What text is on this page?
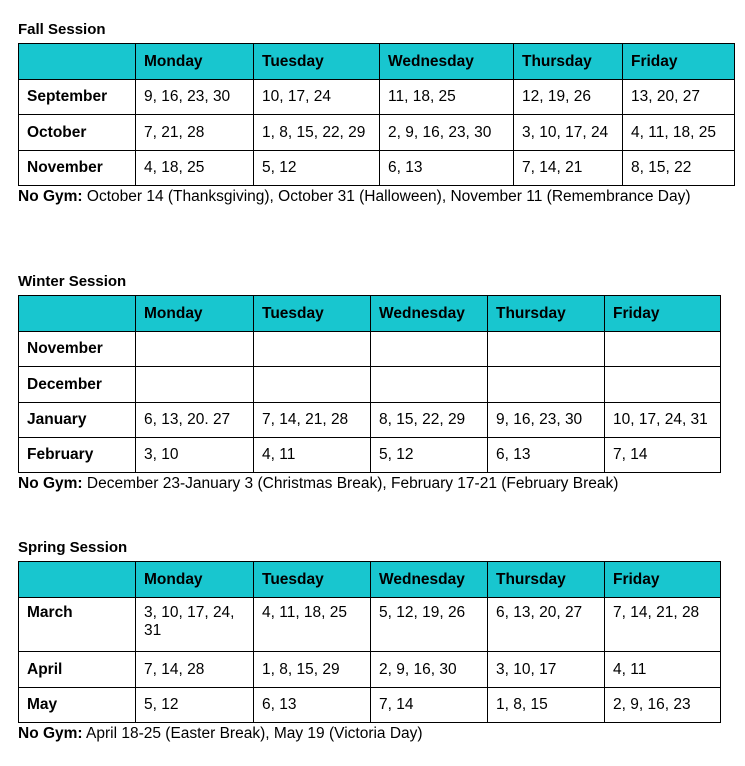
Fall Session
	Monday	Tuesday	Wednesday	Thursday	Friday
September	9, 16, 23, 30	10, 17, 24	11, 18, 25	12, 19, 26	13, 20, 27
October	7, 21, 28	1, 8, 15, 22, 29	2, 9, 16, 23, 30	3, 10, 17, 24	4, 11, 18, 25
November	4, 18, 25	5, 12	6, 13	7, 14, 21	8, 15, 22
No Gym: October 14 (Thanksgiving), October 31 (Halloween), November 11 (Remembrance Day)
Winter Session
	Monday	Tuesday	Wednesday	Thursday	Friday
November					
December					
January	6, 13, 20. 27	7, 14, 21, 28	8, 15, 22, 29	9, 16, 23, 30	10, 17, 24, 31
February	3, 10	4, 11	5, 12	6, 13	7, 14
No Gym: December 23-January 3 (Christmas Break), February 17-21 (February Break)
Spring Session
	Monday	Tuesday	Wednesday	Thursday	Friday
March	3, 10, 17, 24, 31	4, 11, 18, 25	5, 12, 19, 26	6, 13, 20, 27	7, 14, 21, 28
April	7, 14, 28	1, 8, 15, 29	2, 9, 16, 30	3, 10, 17	4, 11
May	5, 12	6, 13	7, 14	1, 8, 15	2, 9, 16, 23
No Gym: April 18-25 (Easter Break), May 19 (Victoria Day)
